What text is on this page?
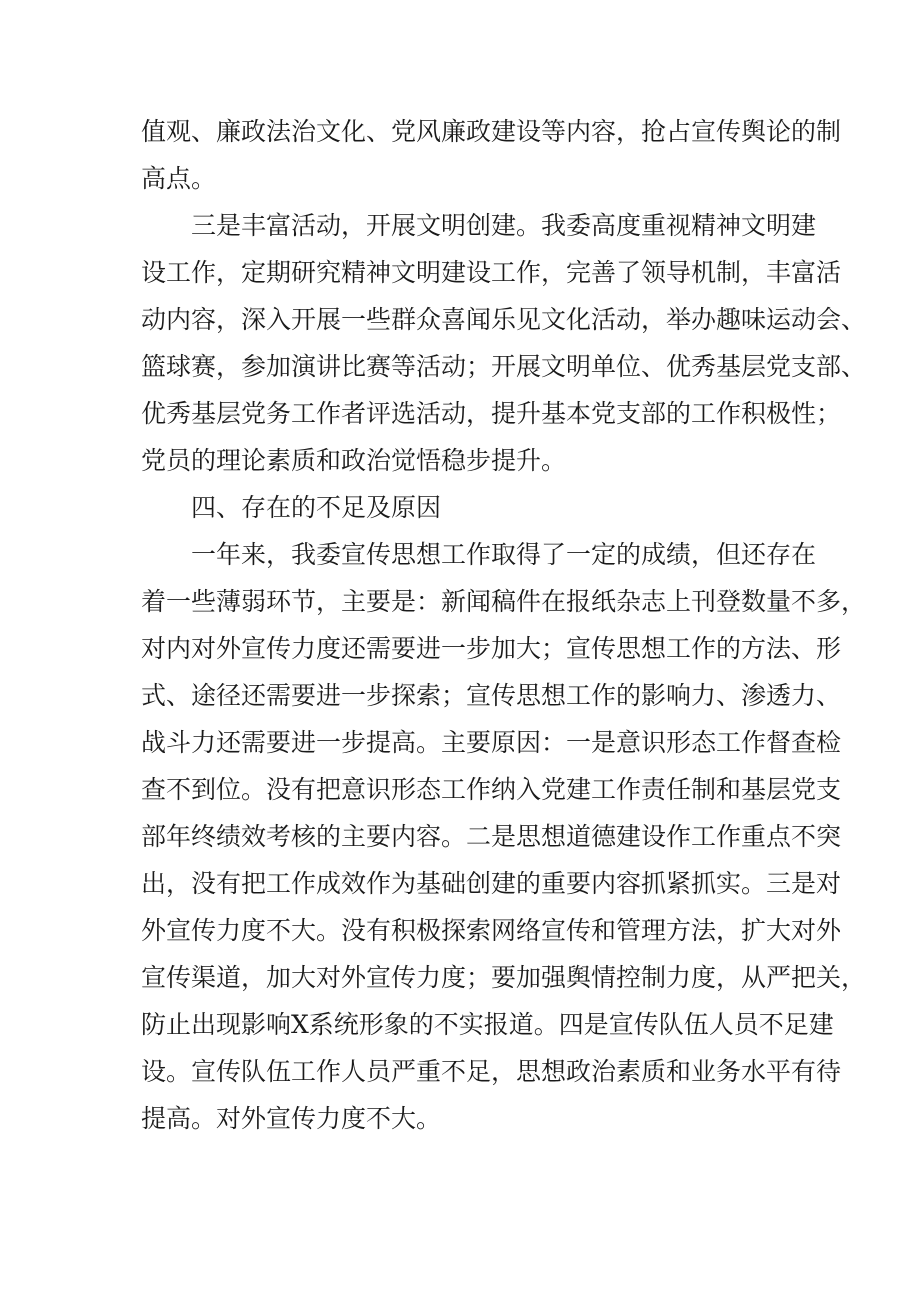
值观、廉政法治文化、党风廉政建设等内容，抢占宣传舆论的制
高点。
三是丰富活动，开展文明创建。我委高度重视精神文明建
设工作，定期研究精神文明建设工作，完善了领导机制，丰富活
动内容，深入开展一些群众喜闻乐见文化活动，举办趣味运动会、
篮球赛，参加演讲比赛等活动；开展文明单位、优秀基层党支部、
优秀基层党务工作者评选活动，提升基本党支部的工作积极性；
党员的理论素质和政治觉悟稳步提升。
四、存在的不足及原因
一年来，我委宣传思想工作取得了一定的成绩，但还存在
着一些薄弱环节，主要是：新闻稿件在报纸杂志上刊登数量不多，
对内对外宣传力度还需要进一步加大；宣传思想工作的方法、形
式、途径还需要进一步探索；宣传思想工作的影响力、渗透力、
战斗力还需要进一步提高。主要原因：一是意识形态工作督查检
查不到位。没有把意识形态工作纳入党建工作责任制和基层党支
部年终绩效考核的主要内容。二是思想道德建设作工作重点不突
出，没有把工作成效作为基础创建的重要内容抓紧抓实。三是对
外宣传力度不大。没有积极探索网络宣传和管理方法，扩大对外
宣传渠道，加大对外宣传力度；要加强舆情控制力度，从严把关，
防止出现影响X系统形象的不实报道。四是宣传队伍人员不足建
设。宣传队伍工作人员严重不足，思想政治素质和业务水平有待
提高。对外宣传力度不大。
